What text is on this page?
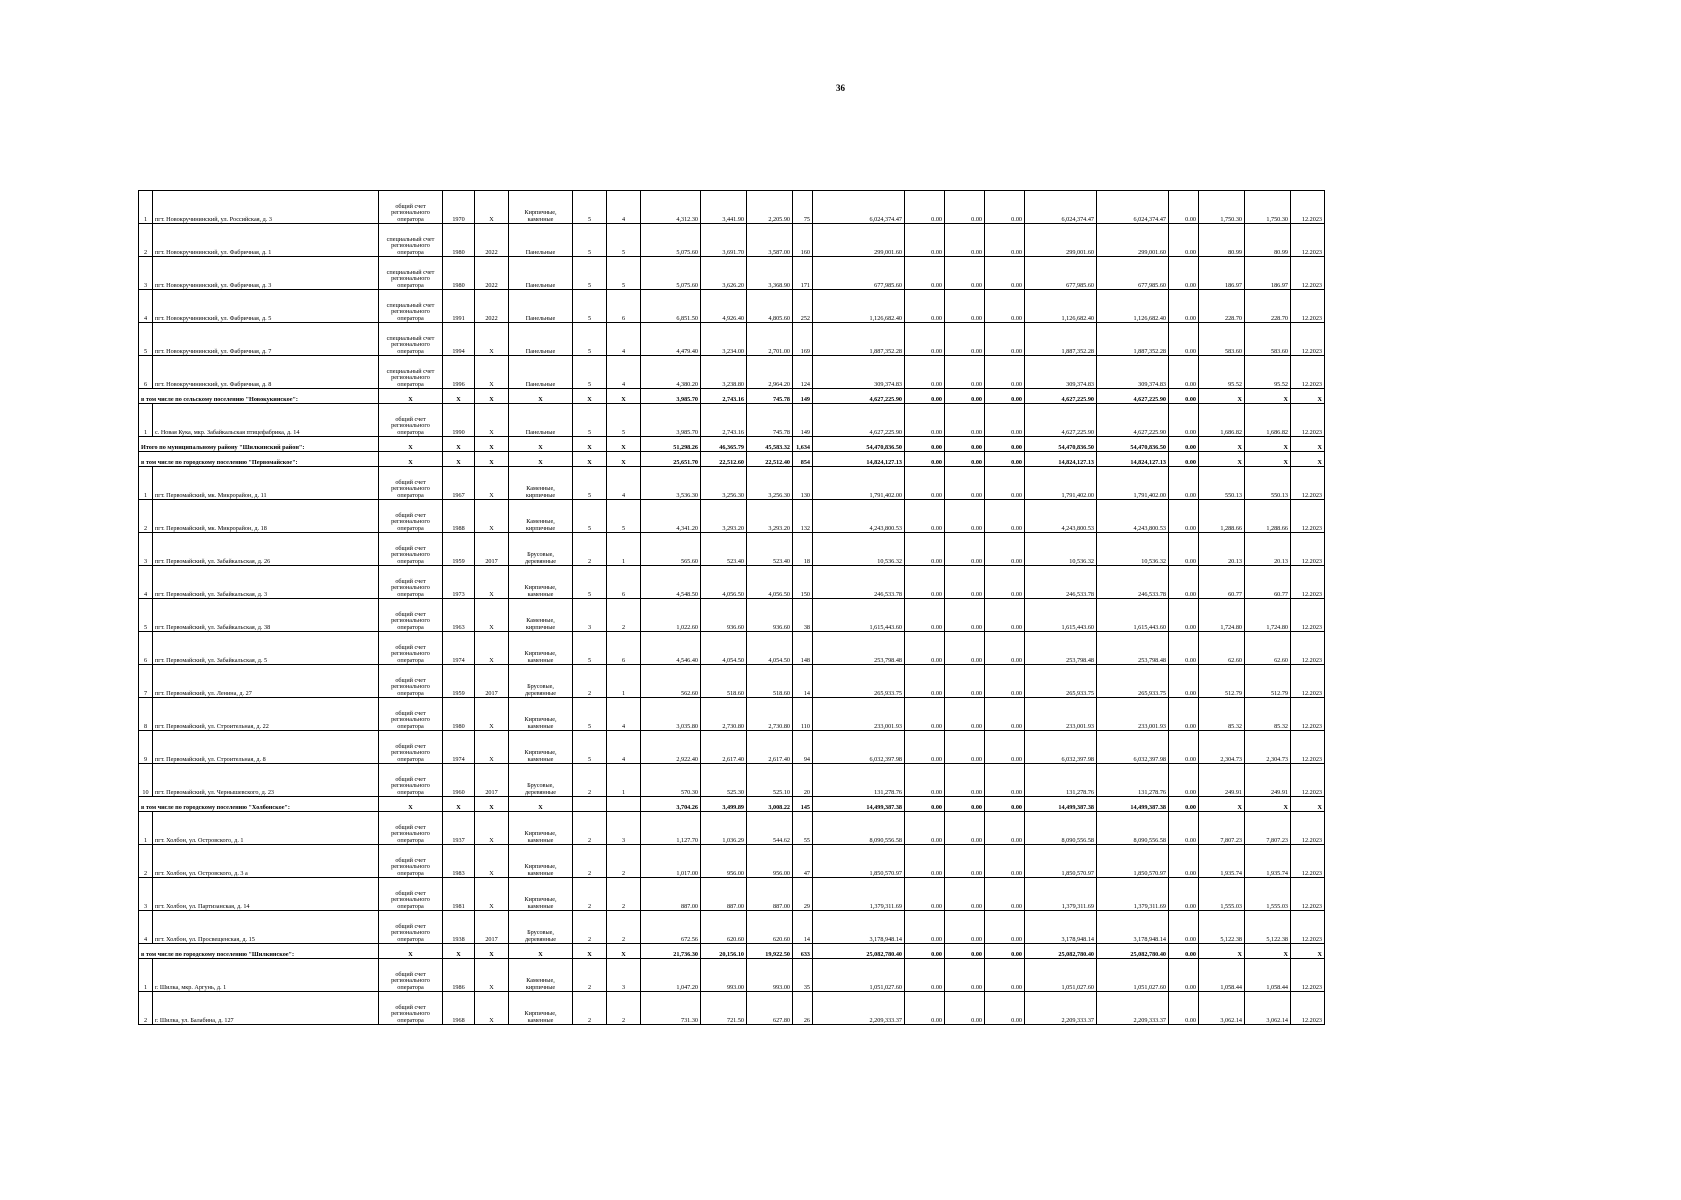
36
1	пгт. Новокручининский, ул. Российская, д. 3	общий счет регионального оператора	1970	Х	Кирпичные, каменные	5	4	4,312.30	3,441.90	2,205.90	75	6,024,374.47	0.00	0.00	0.00	6,024,374.47	6,024,374.47	0.00	1,750.30	1,750.30	12.2023
2	пгт. Новокручининский, ул. Фабричная, д. 1	специальный счет регионального оператора	1980	2022	Панельные	5	5	5,075.60	3,691.70	3,587.00	160	299,001.60	0.00	0.00	0.00	299,001.60	299,001.60	0.00	80.99	80.99	12.2023
3	пгт. Новокручининский, ул. Фабричная, д. 3	специальный счет регионального оператора	1980	2022	Панельные	5	5	5,075.60	3,626.20	3,368.90	171	677,985.60	0.00	0.00	0.00	677,985.60	677,985.60	0.00	186.97	186.97	12.2023
4	пгт. Новокручининский, ул. Фабричная, д. 5	специальный счет регионального оператора	1991	2022	Панельные	5	6	6,851.50	4,926.40	4,805.60	252	1,126,682.40	0.00	0.00	0.00	1,126,682.40	1,126,682.40	0.00	228.70	228.70	12.2023
5	пгт. Новокручининский, ул. Фабричная, д. 7	специальный счет регионального оператора	1994	Х	Панельные	5	4	4,479.40	3,234.00	2,701.00	169	1,887,352.28	0.00	0.00	0.00	1,887,352.28	1,887,352.28	0.00	583.60	583.60	12.2023
6	пгт. Новокручининский, ул. Фабричная, д. 8	специальный счет регионального оператора	1996	Х	Панельные	5	4	4,380.20	3,238.80	2,964.20	124	309,374.83	0.00	0.00	0.00	309,374.83	309,374.83	0.00	95.52	95.52	12.2023
в том числе по сельскому поселению "Новокукинское":		Х	Х	Х	Х	Х	Х	3,985.70	2,743.16	745.78	149	4,627,225.90	0.00	0.00	0.00	4,627,225.90	4,627,225.90	0.00	Х	Х	Х
1	с. Новая Кука, мкр. Забайкальская птицефабрика, д. 14	общий счет регионального оператора	1990	Х	Панельные	5	5	3,985.70	2,743.16	745.78	149	4,627,225.90	0.00	0.00	0.00	4,627,225.90	4,627,225.90	0.00	1,686.82	1,686.82	12.2023
Итого по муниципальному району "Шилкинский район":		Х	Х	Х	Х	Х	Х	51,298.26	46,365.79	45,583.32	1,634	54,470,836.50	0.00	0.00	0.00	54,470,836.50	54,470,836.50	0.00	Х	Х	Х
в том числе по городскому поселению "Первомайское":		Х	Х	Х	Х	Х	Х	25,651.70	22,512.60	22,512.40	854	14,824,127.13	0.00	0.00	0.00	14,824,127.13	14,824,127.13	0.00	Х	Х	Х
1	пгт. Первомайский, мк. Микрорайон, д. 11	общий счет регионального оператора	1967	Х	Каменные, кирпичные	5	4	3,536.30	3,256.30	3,256.30	130	1,791,402.00	0.00	0.00	0.00	1,791,402.00	1,791,402.00	0.00	550.13	550.13	12.2023
2	пгт. Первомайский, мк. Микрорайон, д. 18	общий счет регионального оператора	1988	Х	Каменные, кирпичные	5	5	4,341.20	3,293.20	3,293.20	132	4,243,800.53	0.00	0.00	0.00	4,243,800.53	4,243,800.53	0.00	1,288.66	1,288.66	12.2023
3	пгт. Первомайский, ул. Забайкальская, д. 26	общий счет регионального оператора	1959	2017	Брусовые, деревянные	2	1	565.60	523.40	523.40	18	10,536.32	0.00	0.00	0.00	10,536.32	10,536.32	0.00	20.13	20.13	12.2023
4	пгт. Первомайский, ул. Забайкальская, д. 3	общий счет регионального оператора	1973	Х	Кирпичные, каменные	5	6	4,548.50	4,056.50	4,056.50	150	246,533.78	0.00	0.00	0.00	246,533.78	246,533.78	0.00	60.77	60.77	12.2023
5	пгт. Первомайский, ул. Забайкальская, д. 38	общий счет регионального оператора	1963	Х	Каменные, кирпичные	3	2	1,022.60	936.60	936.60	38	1,615,443.60	0.00	0.00	0.00	1,615,443.60	1,615,443.60	0.00	1,724.80	1,724.80	12.2023
6	пгт. Первомайский, ул. Забайкальская, д. 5	общий счет регионального оператора	1974	Х	Кирпичные, каменные	5	6	4,546.40	4,054.50	4,054.50	148	253,798.48	0.00	0.00	0.00	253,798.48	253,798.48	0.00	62.60	62.60	12.2023
7	пгт. Первомайский, ул. Ленина, д. 27	общий счет регионального оператора	1959	2017	Брусовые, деревянные	2	1	562.60	518.60	518.60	14	265,933.75	0.00	0.00	0.00	265,933.75	265,933.75	0.00	512.79	512.79	12.2023
8	пгт. Первомайский, ул. Строительная, д. 22	общий счет регионального оператора	1980	Х	Кирпичные, каменные	5	4	3,035.80	2,730.80	2,730.80	110	233,001.93	0.00	0.00	0.00	233,001.93	233,001.93	0.00	85.32	85.32	12.2023
9	пгт. Первомайский, ул. Строительная, д. 8	общий счет регионального оператора	1974	Х	Кирпичные, каменные	5	4	2,922.40	2,617.40	2,617.40	94	6,032,397.98	0.00	0.00	0.00	6,032,397.98	6,032,397.98	0.00	2,304.73	2,304.73	12.2023
10	пгт. Первомайский, ул. Чернышевского, д. 23	общий счет регионального оператора	1960	2017	Брусовые, деревянные	2	1	570.30	525.30	525.10	20	131,278.76	0.00	0.00	0.00	131,278.76	131,278.76	0.00	249.91	249.91	12.2023
в том числе по городскому поселению "Холбонское":		Х	Х	Х	Х			3,704.26	3,499.89	3,008.22	145	14,499,387.38	0.00	0.00	0.00	14,499,387.38	14,499,387.38	0.00	Х	Х	Х
1	пгт. Холбон, ул. Островского, д. 1	общий счет регионального оператора	1937	Х	Кирпичные, каменные	2	3	1,127.70	1,036.29	544.62	55	8,090,556.58	0.00	0.00	0.00	8,090,556.58	8,090,556.58	0.00	7,807.23	7,807.23	12.2023
2	пгт. Холбон, ул. Островского, д. 3 а	общий счет регионального оператора	1983	Х	Кирпичные, каменные	2	2	1,017.00	956.00	956.00	47	1,850,570.97	0.00	0.00	0.00	1,850,570.97	1,850,570.97	0.00	1,935.74	1,935.74	12.2023
3	пгт. Холбон, ул. Партизанская, д. 14	общий счет регионального оператора	1981	Х	Кирпичные, каменные	2	2	887.00	887.00	887.00	29	1,379,311.69	0.00	0.00	0.00	1,379,311.69	1,379,311.69	0.00	1,555.03	1,555.03	12.2023
4	пгт. Холбон, ул. Просвещенская, д. 15	общий счет регионального оператора	1938	2017	Брусовые, деревянные	2	2	672.56	620.60	620.60	14	3,178,948.14	0.00	0.00	0.00	3,178,948.14	3,178,948.14	0.00	5,122.38	5,122.38	12.2023
в том числе по городскому поселению "Шилкинское":		Х	Х	Х	Х	Х	Х	21,736.30	20,156.10	19,922.50	633	25,082,780.40	0.00	0.00	0.00	25,082,780.40	25,082,780.40	0.00	Х	Х	Х
1	г. Шилка, мкр. Аргунь, д. 1	общий счет регионального оператора	1986	Х	Каменные, кирпичные	2	3	1,047.20	993.00	993.00	35	1,051,027.60	0.00	0.00	0.00	1,051,027.60	1,051,027.60	0.00	1,058.44	1,058.44	12.2023
2	г. Шилка, ул. Балабина, д. 127	общий счет регионального оператора	1968	Х	Кирпичные, каменные	2	2	731.30	721.50	627.80	26	2,209,333.37	0.00	0.00	0.00	2,209,333.37	2,209,333.37	0.00	3,062.14	3,062.14	12.2023
